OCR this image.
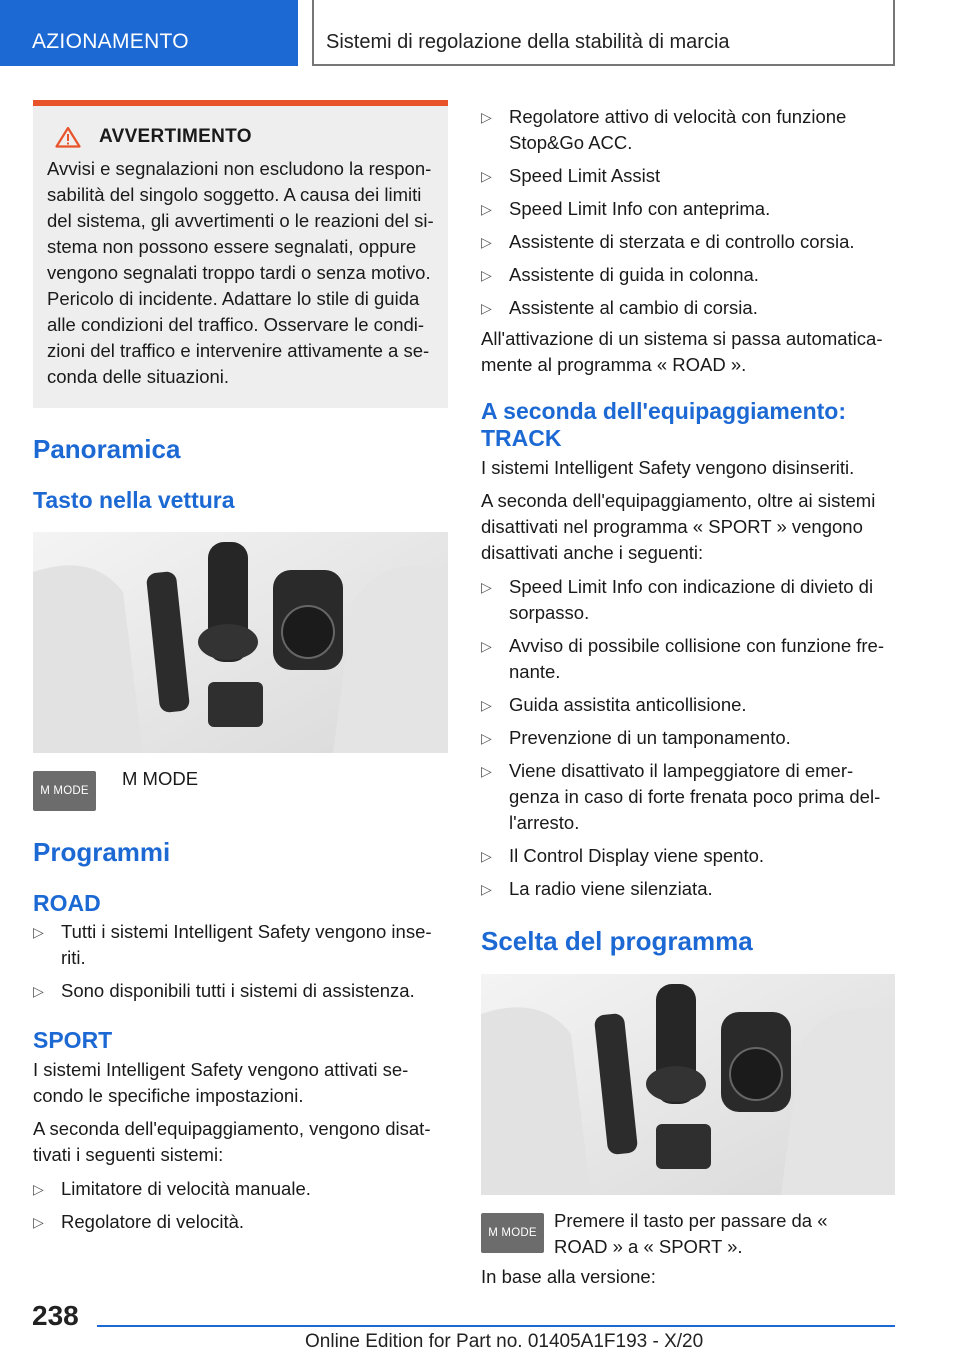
AZIONAMENTO	Sistemi di regolazione della stabilità di marcia
AVVERTIMENTO
Avvisi e segnalazioni non escludono la responsabilità del singolo soggetto. A causa dei limiti del sistema, gli avvertimenti o le reazioni del sistema non possono essere segnalati, oppure vengono segnalati troppo tardi o senza motivo. Pericolo di incidente. Adattare lo stile di guida alle condizioni del traffico. Osservare le condizioni del traffico e intervenire attivamente a seconda delle situazioni.
Panoramica
Tasto nella vettura
M MODE
M MODE
Programmi
ROAD
▷ Tutti i sistemi Intelligent Safety vengono inseriti.
▷ Sono disponibili tutti i sistemi di assistenza.
SPORT
I sistemi Intelligent Safety vengono attivati secondo le specifiche impostazioni.
A seconda dell'equipaggiamento, vengono disattivati i seguenti sistemi:
▷ Limitatore di velocità manuale.
▷ Regolatore di velocità.
▷ Regolatore attivo di velocità con funzione Stop&Go ACC.
▷ Speed Limit Assist
▷ Speed Limit Info con anteprima.
▷ Assistente di sterzata e di controllo corsia.
▷ Assistente di guida in colonna.
▷ Assistente al cambio di corsia.
All'attivazione di un sistema si passa automaticamente al programma « ROAD ».
A seconda dell'equipaggiamento: TRACK
I sistemi Intelligent Safety vengono disinseriti.
A seconda dell'equipaggiamento, oltre ai sistemi disattivati nel programma « SPORT » vengono disattivati anche i seguenti:
▷ Speed Limit Info con indicazione di divieto di sorpasso.
▷ Avviso di possibile collisione con funzione frenante.
▷ Guida assistita anticollisione.
▷ Prevenzione di un tamponamento.
▷ Viene disattivato il lampeggiatore di emergenza in caso di forte frenata poco prima dell'arresto.
▷ Il Control Display viene spento.
▷ La radio viene silenziata.
Scelta del programma
M MODE
Premere il tasto per passare da « ROAD » a « SPORT ».
In base alla versione:
238
Online Edition for Part no. 01405A1F193 - X/20
